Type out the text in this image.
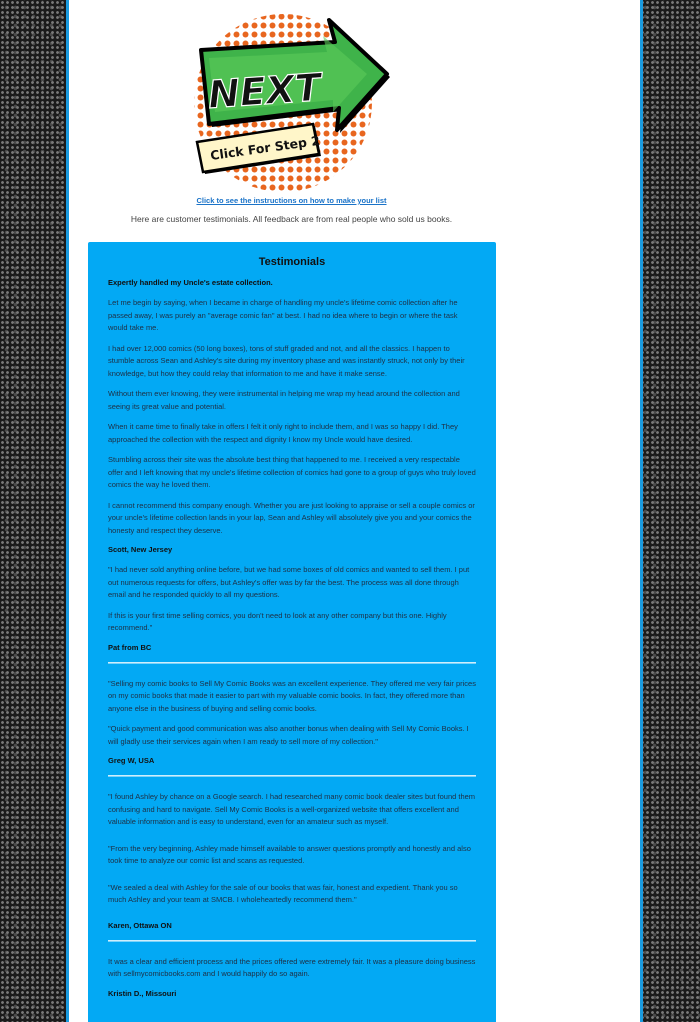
NEXT
Click For Step 2
Click to see the instructions on how to make your list
Here are customer testimonials. All feedback are from real people who sold us books.
Testimonials
Expertly handled my Uncle's estate collection.

Let me begin by saying, when I became in charge of handling my uncle's lifetime comic collection after he passed away, I was purely an "average comic fan" at best. I had no idea where to begin or where the task would take me.

I had over 12,000 comics (50 long boxes), tons of stuff graded and not, and all the classics. I happen to stumble across Sean and Ashley's site during my inventory phase and was instantly struck, not only by their knowledge, but how they could relay that information to me and have it make sense.

Without them ever knowing, they were instrumental in helping me wrap my head around the collection and seeing its great value and potential.

When it came time to finally take in offers I felt it only right to include them, and I was so happy I did. They approached the collection with the respect and dignity I know my Uncle would have desired.

Stumbling across their site was the absolute best thing that happened to me. I received a very respectable offer and I left knowing that my uncle's lifetime collection of comics had gone to a group of guys who truly loved comics the way he loved them.

I cannot recommend this company enough. Whether you are just looking to appraise or sell a couple comics or your uncle's lifetime collection lands in your lap, Sean and Ashley will absolutely give you and your comics the honesty and respect they deserve.

Scott, New Jersey

"I had never sold anything online before, but we had some boxes of old comics and wanted to sell them. I put out numerous requests for offers, but Ashley's offer was by far the best. The process was all done through email and he responded quickly to all my questions.

If this is your first time selling comics, you don't need to look at any other company but this one. Highly recommend."

Pat from BC

"Selling my comic books to Sell My Comic Books was an excellent experience. They offered me very fair prices on my comic books that made it easier to part with my valuable comic books. In fact, they offered more than anyone else in the business of buying and selling comic books.

"Quick payment and good communication was also another bonus when dealing with Sell My Comic Books. I will gladly use their services again when I am ready to sell more of my collection."

Greg W, USA

"I found Ashley by chance on a Google search. I had researched many comic book dealer sites but found them confusing and hard to navigate. Sell My Comic Books is a well-organized website that offers excellent and valuable information and is easy to understand, even for an amateur such as myself.

"From the very beginning, Ashley made himself available to answer questions promptly and honestly and also took time to analyze our comic list and scans as requested.

"We sealed a deal with Ashley for the sale of our books that was fair, honest and expedient. Thank you so much Ashley and your team at SMCB. I wholeheartedly recommend them."

Karen, Ottawa ON

It was a clear and efficient process and the prices offered were extremely fair. It was a pleasure doing business with sellmycomicbooks.com and I would happily do so again.

Kristin D., Missouri
